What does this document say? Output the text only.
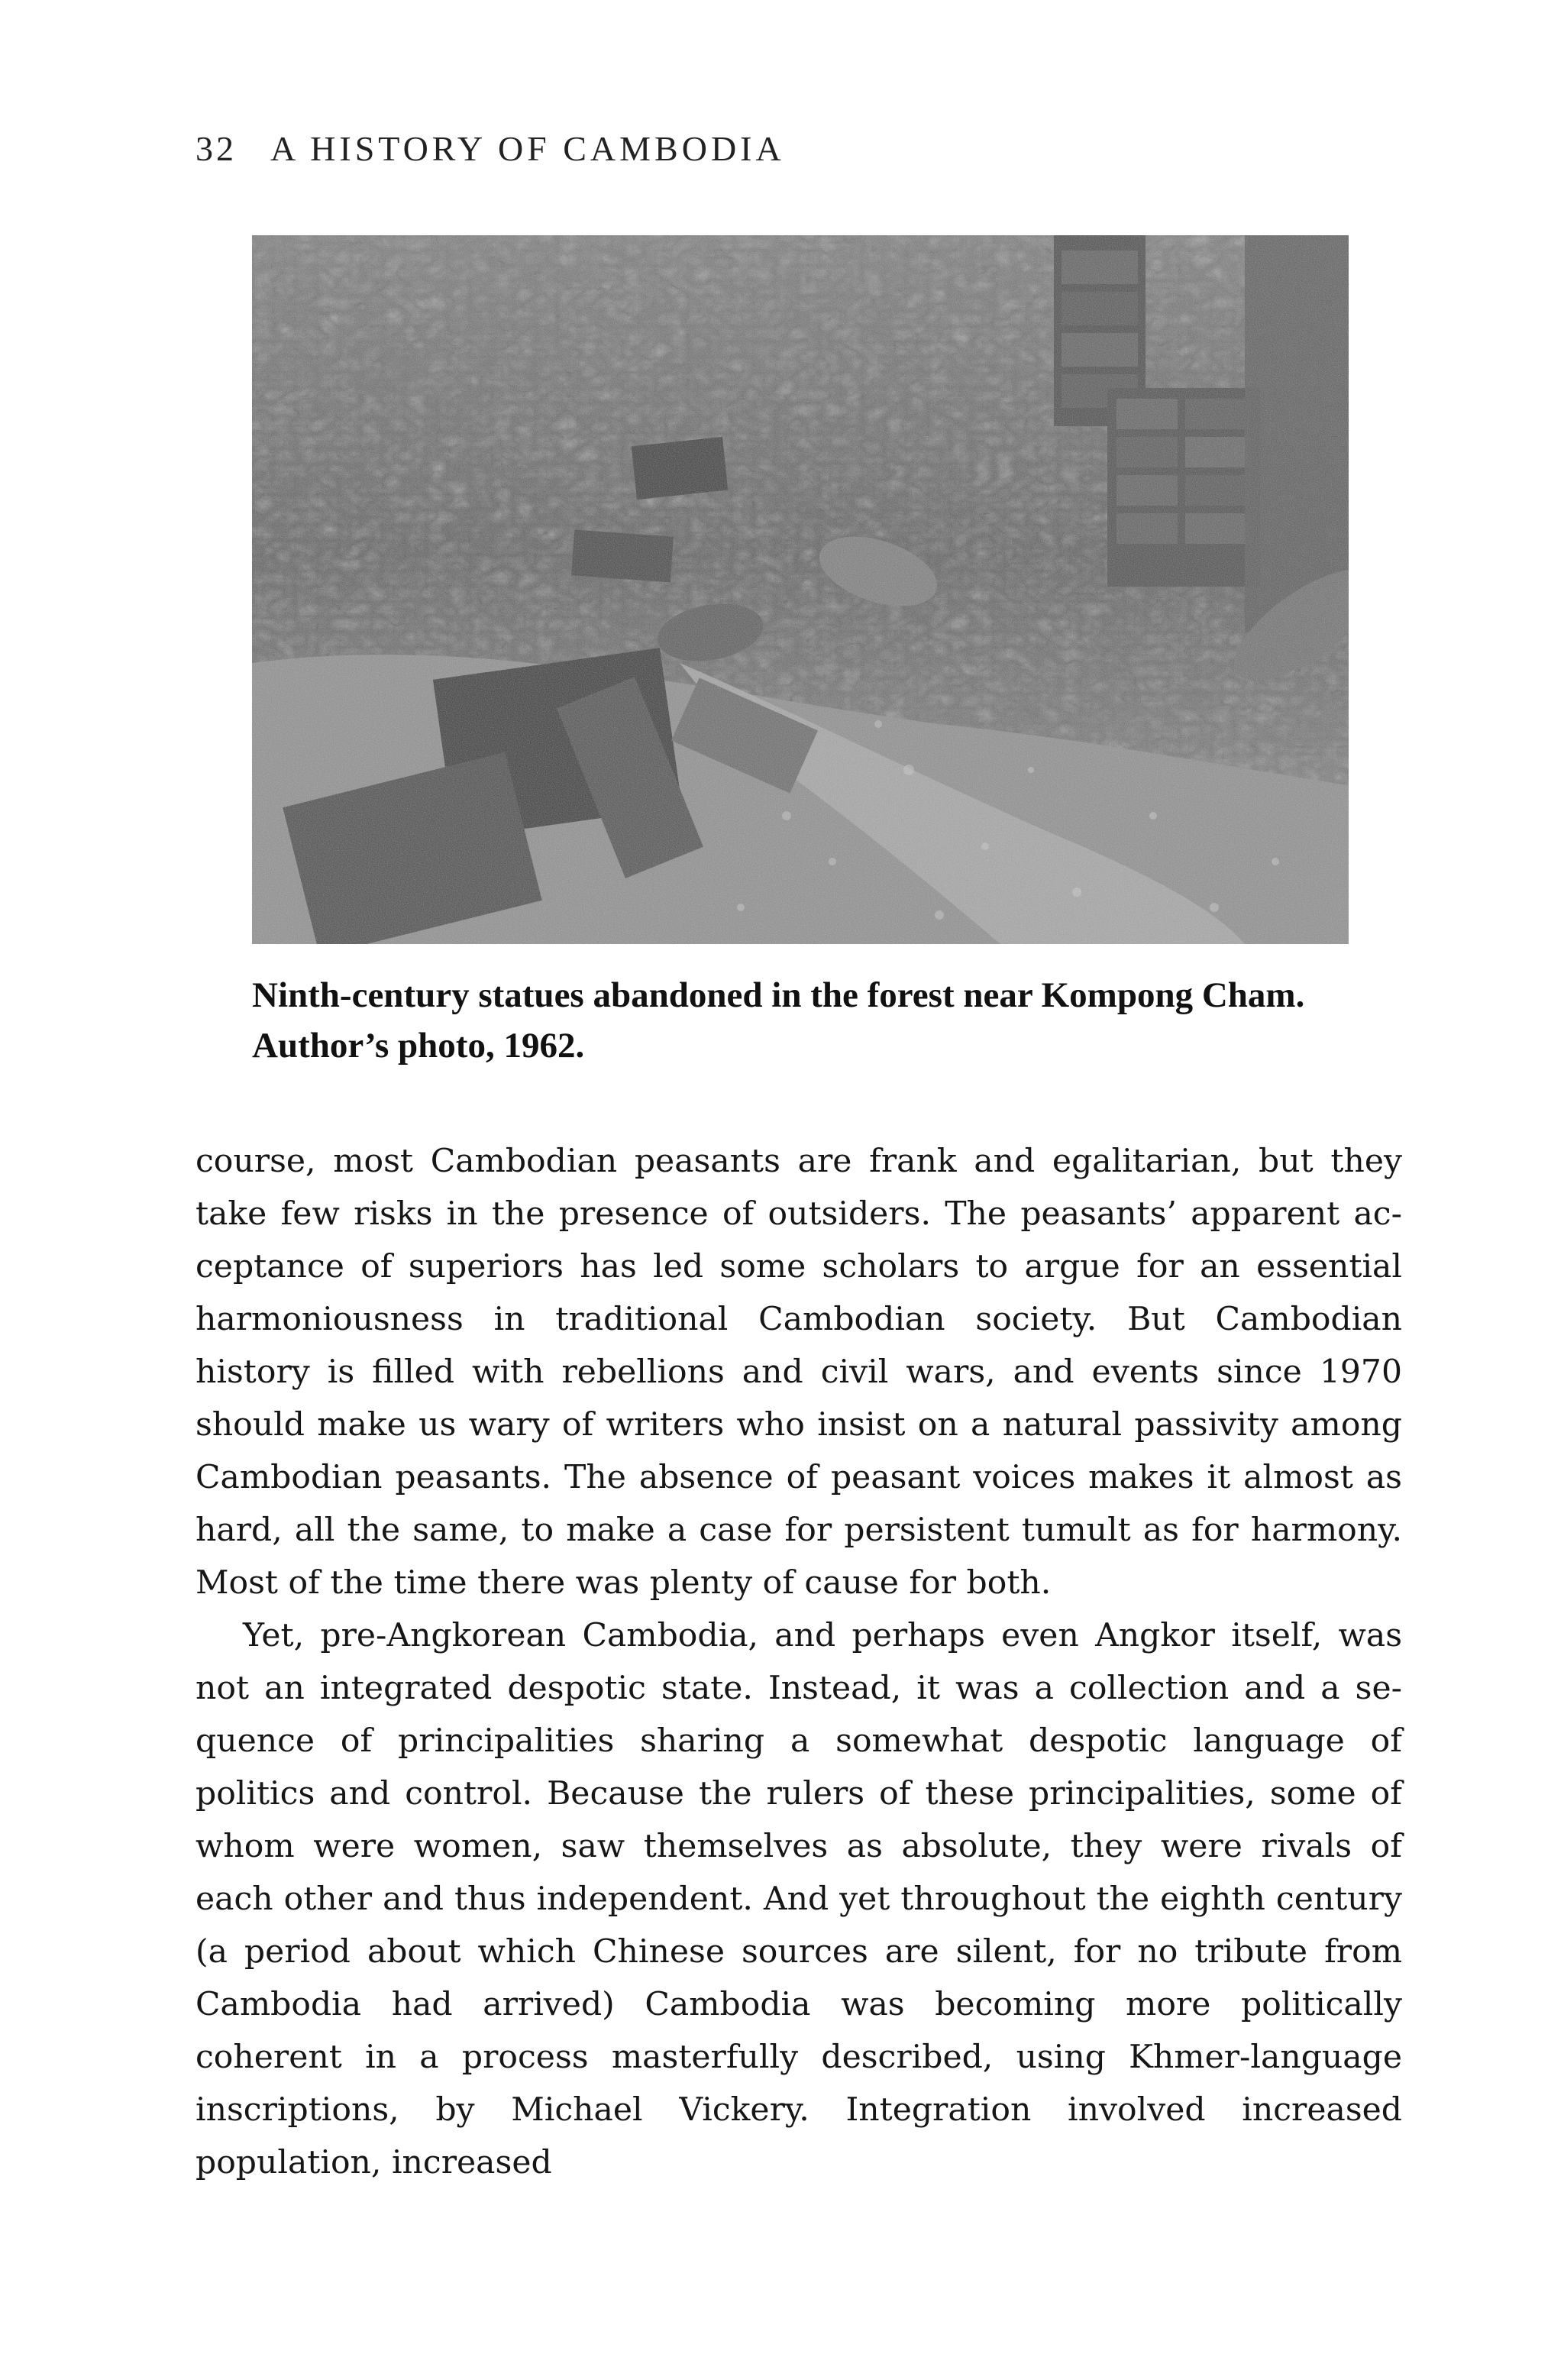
32 A HISTORY OF CAMBODIA
Ninth-century statues abandoned in the forest near Kompong Cham. Author’s photo, 1962.

course, most Cambodian peasants are frank and egalitarian, but they take few risks in the presence of outsiders. The peasants’ apparent acceptance of superiors has led some scholars to argue for an essential harmoniousness in traditional Cambodian society. But Cambodian history is filled with rebellions and civil wars, and events since 1970 should make us wary of writers who insist on a natural passivity among Cambodian peasants. The absence of peasant voices makes it almost as hard, all the same, to make a case for persistent tumult as for harmony. Most of the time there was plenty of cause for both.

Yet, pre-Angkorean Cambodia, and perhaps even Angkor itself, was not an integrated despotic state. Instead, it was a collection and a sequence of principalities sharing a somewhat despotic language of politics and control. Because the rulers of these principalities, some of whom were women, saw themselves as absolute, they were rivals of each other and thus independent. And yet throughout the eighth century (a period about which Chinese sources are silent, for no tribute from Cambodia had arrived) Cambodia was becoming more politically coherent in a process masterfully described, using Khmer-language inscriptions, by Michael Vickery. Integration involved increased population, increased
